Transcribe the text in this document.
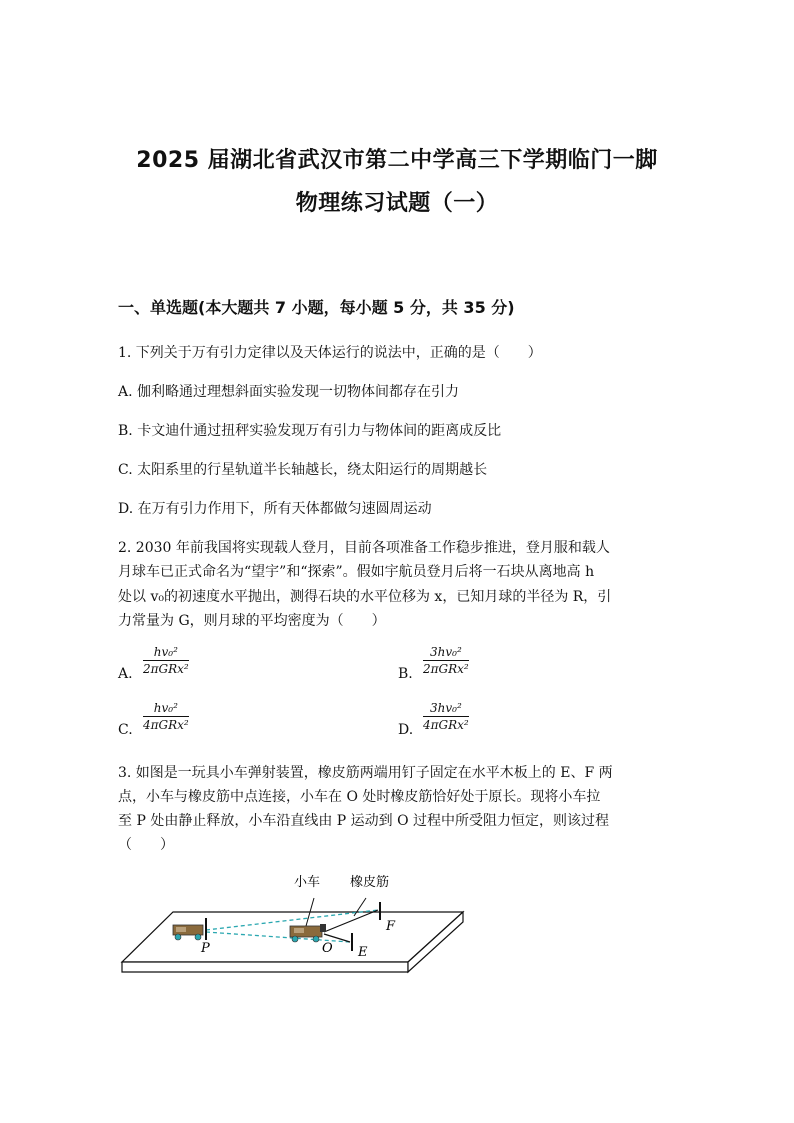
2025 届湖北省武汉市第二中学高三下学期临门一脚
物理练习试题（一）
一、单选题(本大题共 7 小题，每小题 5 分，共 35 分)
1. 下列关于万有引力定律以及天体运行的说法中，正确的是（　　）
A. 伽利略通过理想斜面实验发现一切物体间都存在引力
B. 卡文迪什通过扭秤实验发现万有引力与物体间的距离成反比
C. 太阳系里的行星轨道半长轴越长，绕太阳运行的周期越长
D. 在万有引力作用下，所有天体都做匀速圆周运动
2. 2030 年前我国将实现载人登月，目前各项准备工作稳步推进，登月服和载人
月球车已正式命名为“望宇”和“探索”。假如宇航员登月后将一石块从离地高 h
处以 v₀的初速度水平抛出，测得石块的水平位移为 x，已知月球的半径为 R，引
力常量为 G，则月球的平均密度为（　　）
A.
hv₀²
2πGRx²	B.
3hv₀²
2πGRx²
C.
hv₀²
4πGRx²	D.
3hv₀²
4πGRx²
3. 如图是一玩具小车弹射装置，橡皮筋两端用钉子固定在水平木板上的 E、F 两
点，小车与橡皮筋中点连接，小车在 O 处时橡皮筋恰好处于原长。现将小车拉
至 P 处由静止释放，小车沿直线由 P 运动到 O 过程中所受阻力恒定，则该过程
（　　）
小车 橡皮筋
P	O E
F
